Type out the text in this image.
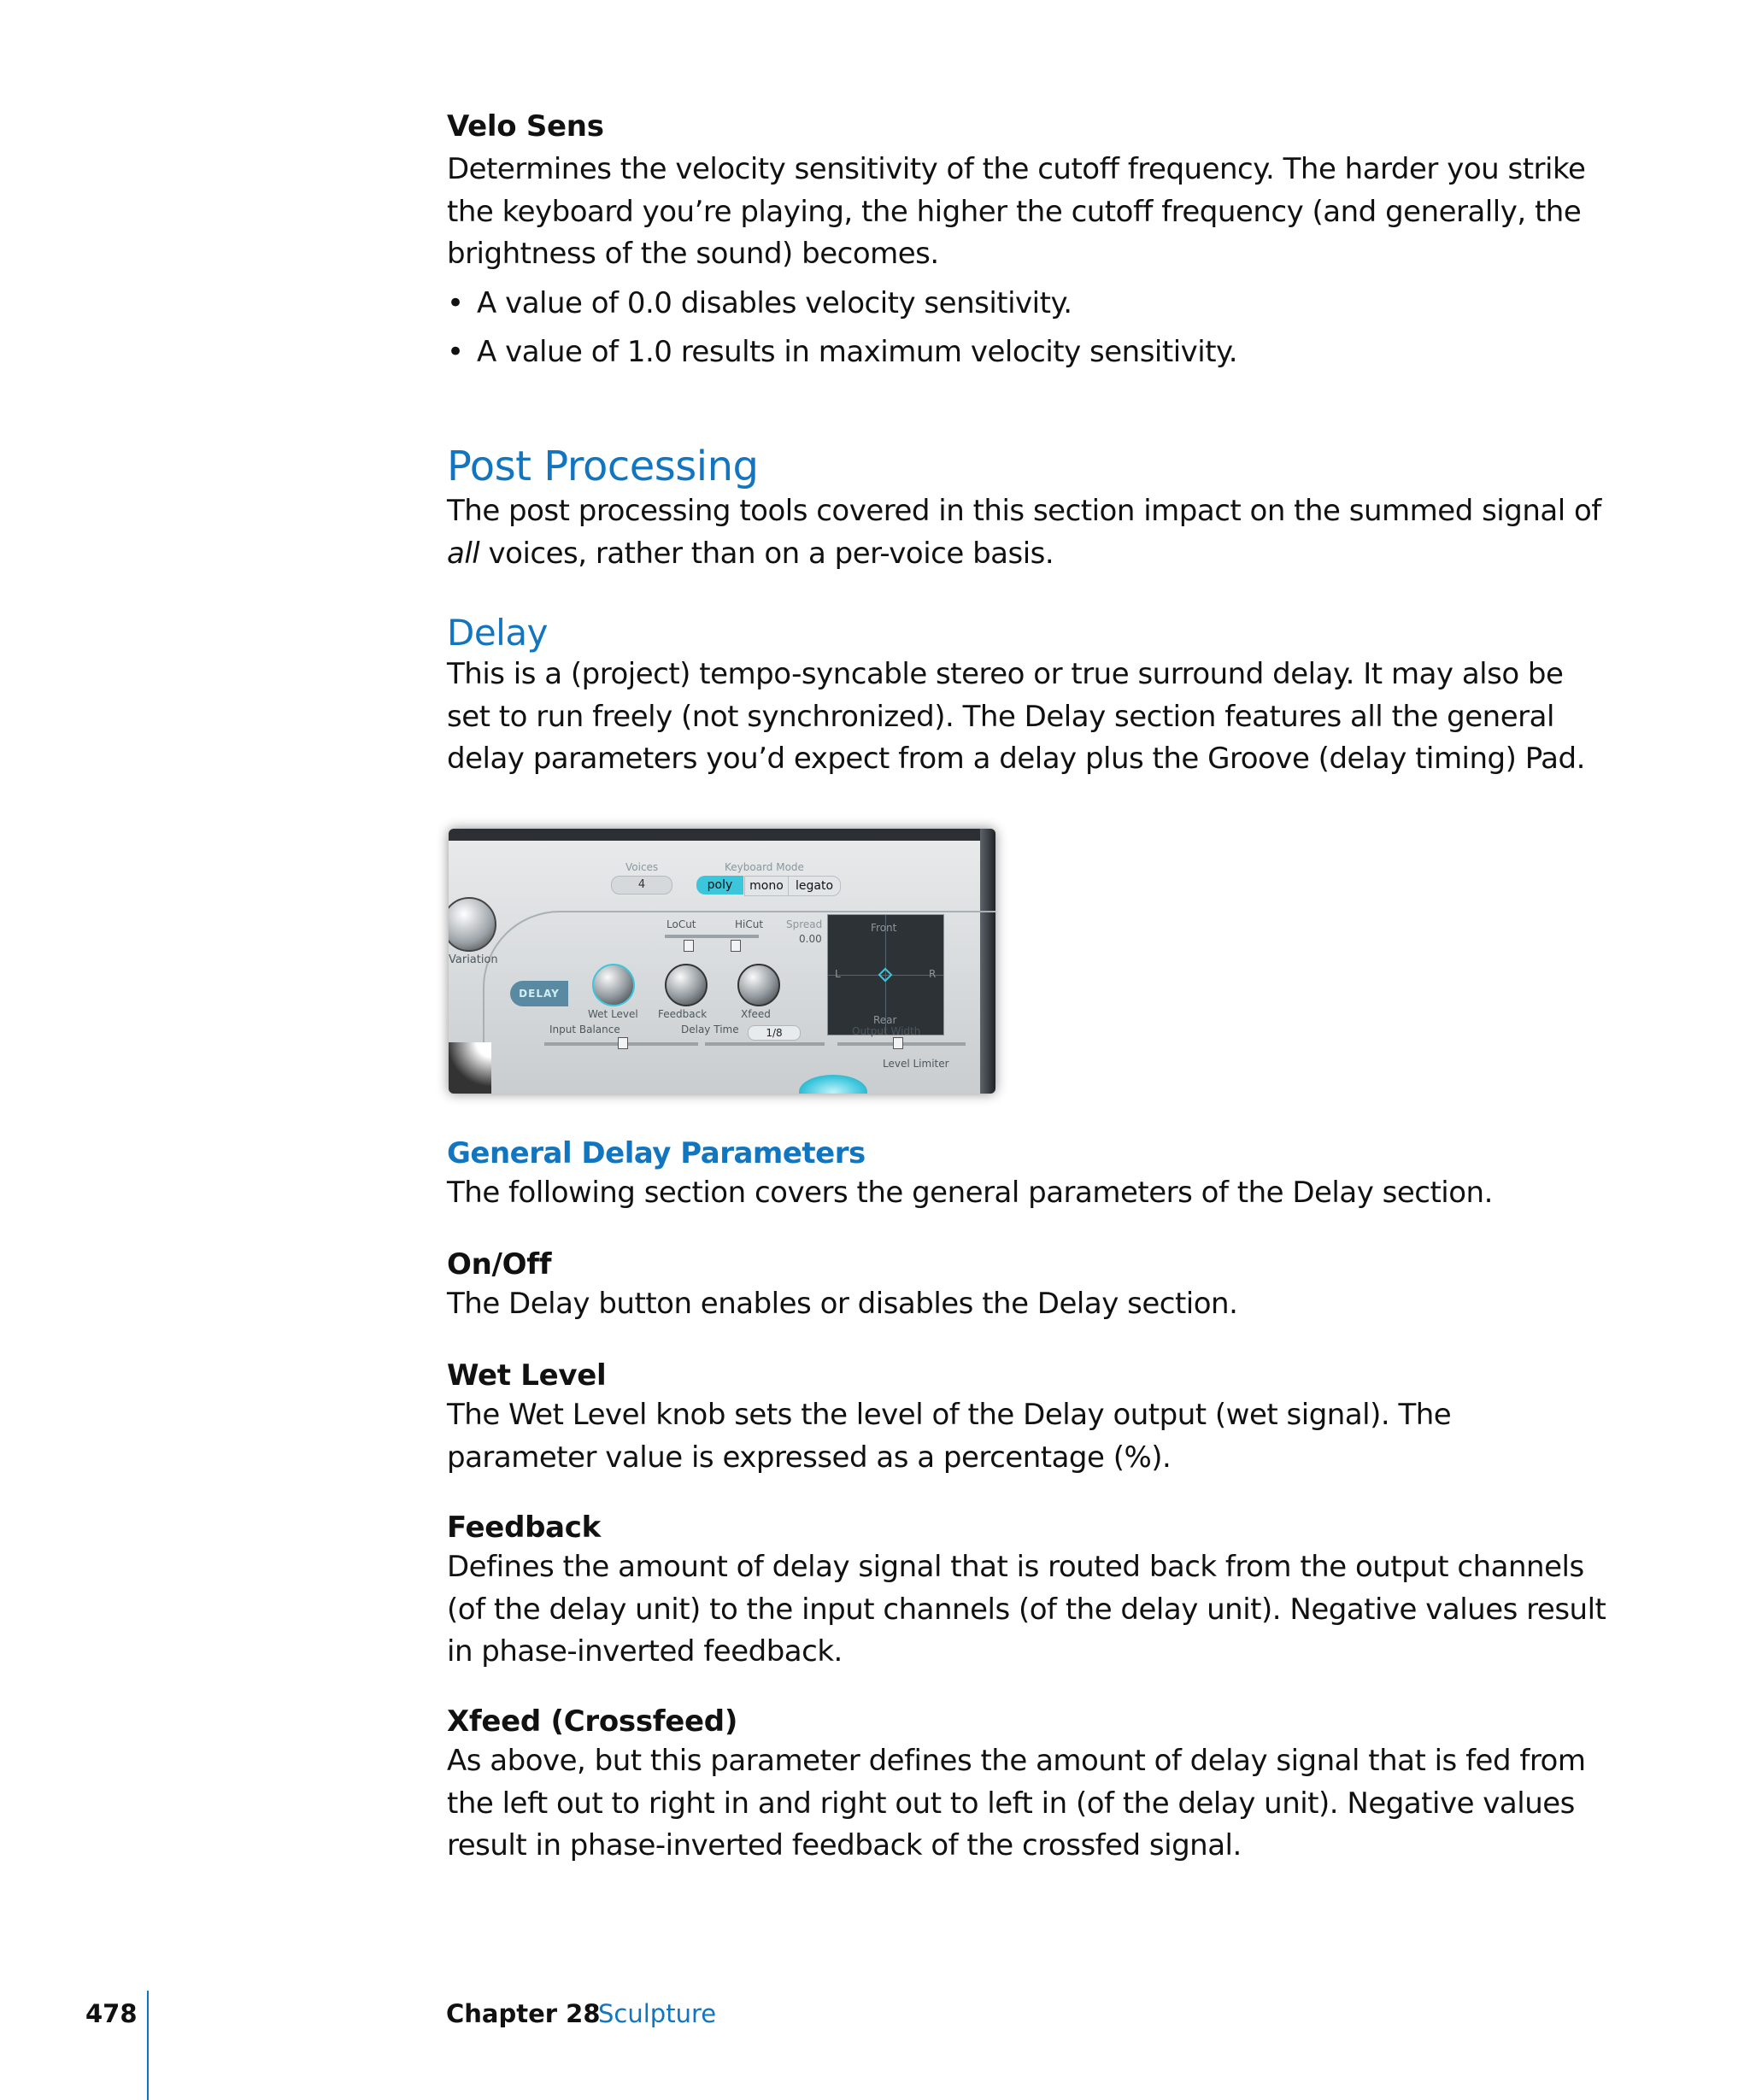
Velo Sens

Determines the velocity sensitivity of the cutoff frequency. The harder you strike the keyboard you’re playing, the higher the cutoff frequency (and generally, the brightness of the sound) becomes.

• A value of 0.0 disables velocity sensitivity.
• A value of 1.0 results in maximum velocity sensitivity.
Post Processing

The post processing tools covered in this section impact on the summed signal of all voices, rather than on a per-voice basis.

Delay

This is a (project) tempo-syncable stereo or true surround delay. It may also be set to run freely (not synchronized). The Delay section features all the general delay parameters you’d expect from a delay plus the Groove (delay timing) Pad.

Voices
4
Keyboard Mode
poly	mono	legato
Variation
LoCut	HiCut Spread
0.00
Front
Rear
L	R
DELAY
Wet Level Feedback	Xfeed
Input Balance	Delay Time	1/8	Output Width
Level Limiter
General Delay Parameters

The following section covers the general parameters of the Delay section.

On/Off

The Delay button enables or disables the Delay section.

Wet Level

The Wet Level knob sets the level of the Delay output (wet signal). The parameter value is expressed as a percentage (%).

Feedback

Defines the amount of delay signal that is routed back from the output channels (of the delay unit) to the input channels (of the delay unit). Negative values result in phase-inverted feedback.

Xfeed (Crossfeed)

As above, but this parameter defines the amount of delay signal that is fed from the left out to right in and right out to left in (of the delay unit). Negative values result in phase-inverted feedback of the crossfed signal.

478	Chapter 28
Sculpture
